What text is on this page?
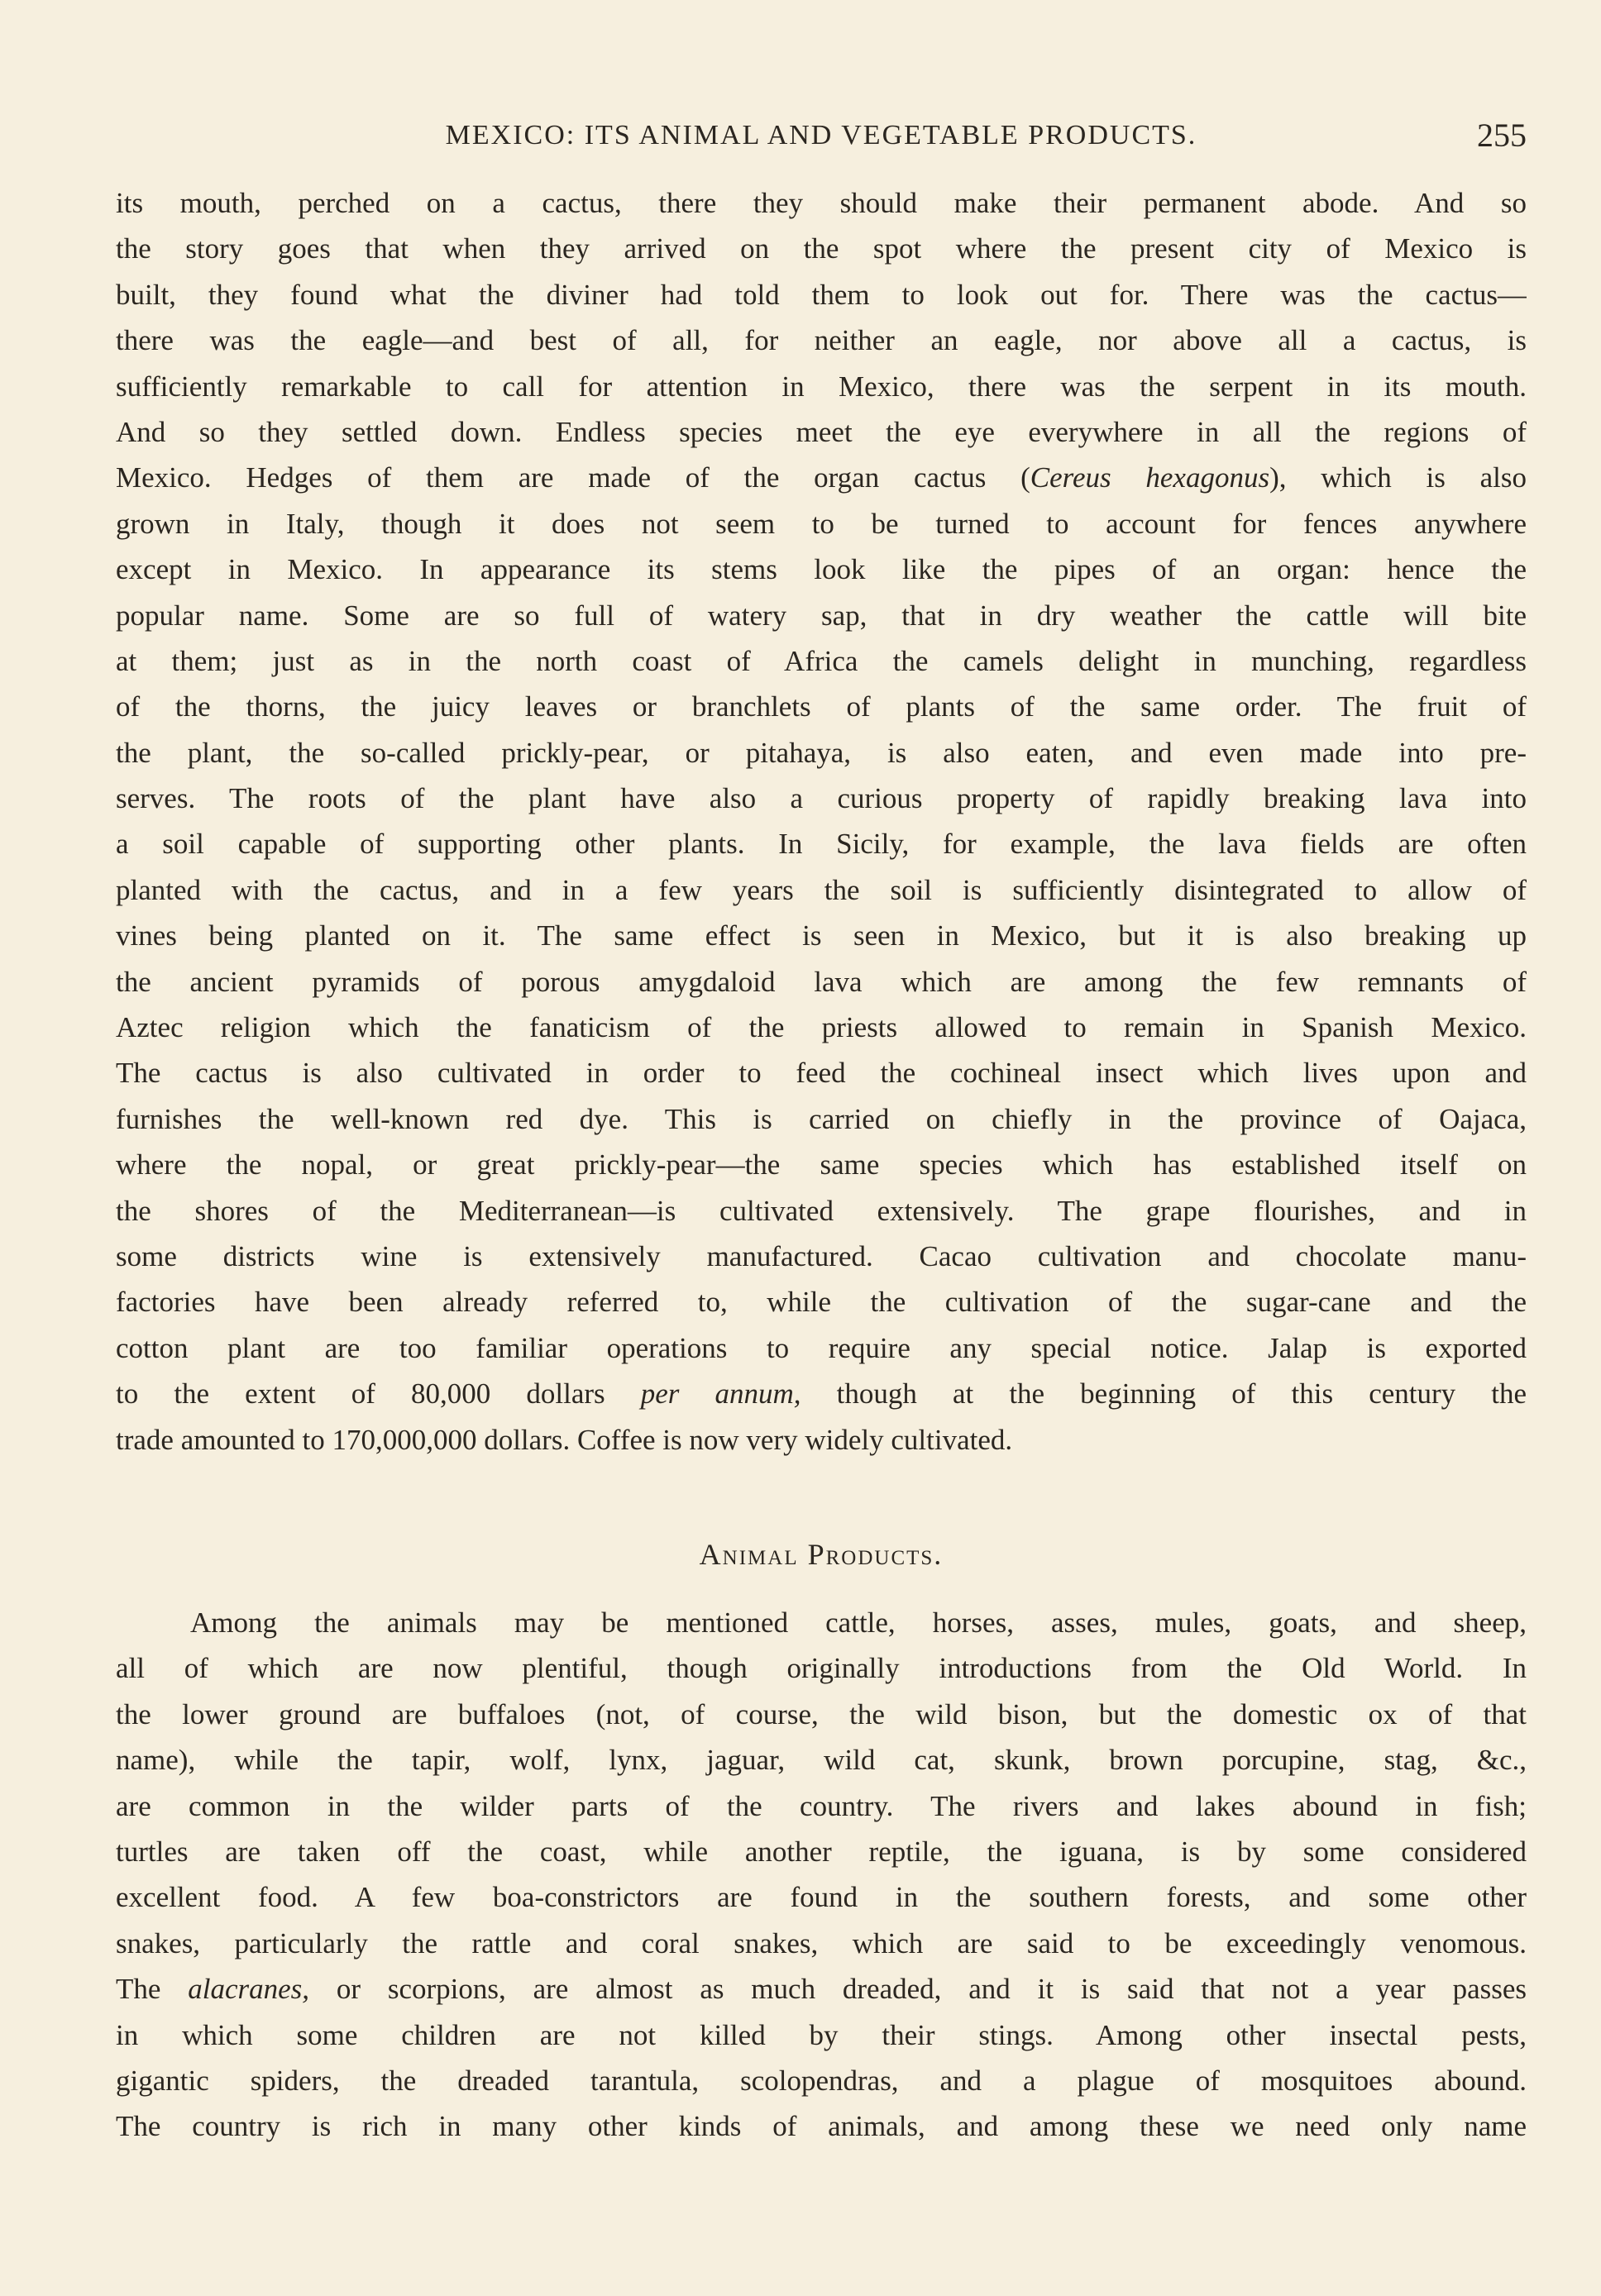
MEXICO: ITS ANIMAL AND VEGETABLE PRODUCTS.	255
its mouth, perched on a cactus, there they should make their permanent abode. And so
the story goes that when they arrived on the spot where the present city of Mexico is
built, they found what the diviner had told them to look out for. There was the cactus—
there was the eagle—and best of all, for neither an eagle, nor above all a cactus, is
sufficiently remarkable to call for attention in Mexico, there was the serpent in its mouth.
And so they settled down. Endless species meet the eye everywhere in all the regions of
Mexico. Hedges of them are made of the organ cactus (Cereus hexagonus), which is also
grown in Italy, though it does not seem to be turned to account for fences anywhere
except in Mexico. In appearance its stems look like the pipes of an organ: hence the
popular name. Some are so full of watery sap, that in dry weather the cattle will bite
at them; just as in the north coast of Africa the camels delight in munching, regardless
of the thorns, the juicy leaves or branchlets of plants of the same order. The fruit of
the plant, the so-called prickly-pear, or pitahaya, is also eaten, and even made into pre-
serves. The roots of the plant have also a curious property of rapidly breaking lava into
a soil capable of supporting other plants. In Sicily, for example, the lava fields are often
planted with the cactus, and in a few years the soil is sufficiently disintegrated to allow of
vines being planted on it. The same effect is seen in Mexico, but it is also breaking up
the ancient pyramids of porous amygdaloid lava which are among the few remnants of
Aztec religion which the fanaticism of the priests allowed to remain in Spanish Mexico.
The cactus is also cultivated in order to feed the cochineal insect which lives upon and
furnishes the well-known red dye. This is carried on chiefly in the province of Oajaca,
where the nopal, or great prickly-pear—the same species which has established itself on
the shores of the Mediterranean—is cultivated extensively. The grape flourishes, and in
some districts wine is extensively manufactured. Cacao cultivation and chocolate manu-
factories have been already referred to, while the cultivation of the sugar-cane and the
cotton plant are too familiar operations to require any special notice. Jalap is exported
to the extent of 80,000 dollars per annum, though at the beginning of this century the
trade amounted to 170,000,000 dollars. Coffee is now very widely cultivated.
Animal Products.
Among the animals may be mentioned cattle, horses, asses, mules, goats, and sheep,
all of which are now plentiful, though originally introductions from the Old World. In
the lower ground are buffaloes (not, of course, the wild bison, but the domestic ox of that
name), while the tapir, wolf, lynx, jaguar, wild cat, skunk, brown porcupine, stag, &c.,
are common in the wilder parts of the country. The rivers and lakes abound in fish;
turtles are taken off the coast, while another reptile, the iguana, is by some considered
excellent food. A few boa-constrictors are found in the southern forests, and some other
snakes, particularly the rattle and coral snakes, which are said to be exceedingly venomous.
The alacranes, or scorpions, are almost as much dreaded, and it is said that not a year passes
in which some children are not killed by their stings. Among other insectal pests,
gigantic spiders, the dreaded tarantula, scolopendras, and a plague of mosquitoes abound.
The country is rich in many other kinds of animals, and among these we need only name
